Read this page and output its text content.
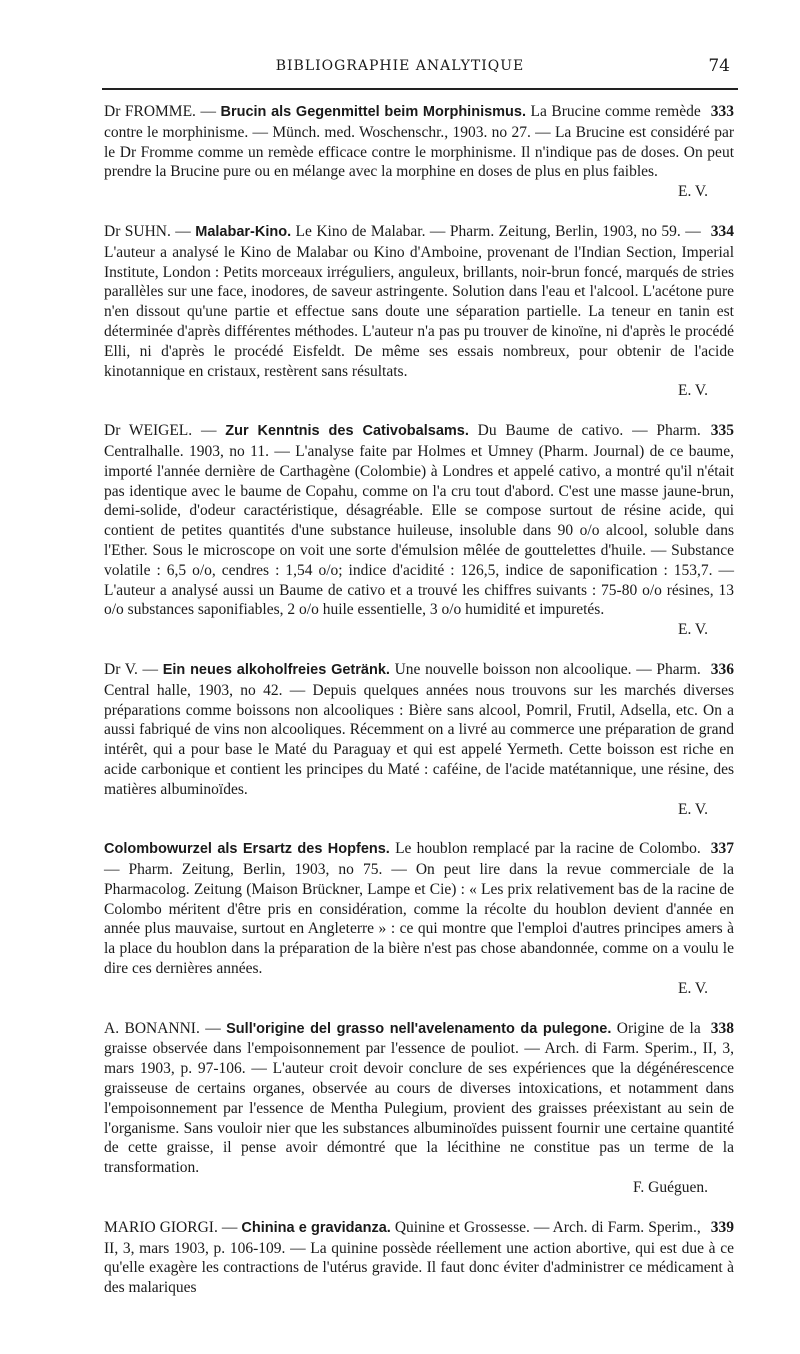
BIBLIOGRAPHIE ANALYTIQUE	74

333
Dr FROMME. — Brucin als Gegenmittel beim Morphinismus. La Brucine comme remède contre le morphinisme. — Münch. med. Woschenschr., 1903. no 27. — La Brucine est considéré par le Dr Fromme comme un remède efficace contre le morphinisme. Il n'indique pas de doses. On peut prendre la Brucine pure ou en mélange avec la morphine en doses de plus en plus faibles.

E. V.

334
Dr SUHN. — Malabar-Kino. Le Kino de Malabar. — Pharm. Zeitung, Berlin, 1903, no 59. — L'auteur a analysé le Kino de Malabar ou Kino d'Amboine, provenant de l'Indian Section, Imperial Institute, London : Petits morceaux irréguliers, anguleux, brillants, noir-brun foncé, marqués de stries parallèles sur une face, inodores, de saveur astringente. Solution dans l'eau et l'alcool. L'acétone pure n'en dissout qu'une partie et effectue sans doute une séparation partielle. La teneur en tanin est déterminée d'après différentes méthodes. L'auteur n'a pas pu trouver de kinoïne, ni d'après le procédé Elli, ni d'après le procédé Eisfeldt. De même ses essais nombreux, pour obtenir de l'acide kinotannique en cristaux, restèrent sans résultats.

E. V.

335
Dr WEIGEL. — Zur Kenntnis des Cativobalsams. Du Baume de cativo. — Pharm. Centralhalle. 1903, no 11. — L'analyse faite par Holmes et Umney (Pharm. Journal) de ce baume, importé l'année dernière de Carthagène (Colombie) à Londres et appelé cativo, a montré qu'il n'était pas identique avec le baume de Copahu, comme on l'a cru tout d'abord. C'est une masse jaune-brun, demi-solide, d'odeur caractéristique, désagréable. Elle se compose surtout de résine acide, qui contient de petites quantités d'une substance huileuse, insoluble dans 90 o/o alcool, soluble dans l'Ether. Sous le microscope on voit une sorte d'émulsion mêlée de gouttelettes d'huile. — Substance volatile : 6,5 o/o, cendres : 1,54 o/o; indice d'acidité : 126,5, indice de saponification : 153,7. — L'auteur a analysé aussi un Baume de cativo et a trouvé les chiffres suivants : 75-80 o/o résines, 13 o/o substances saponifiables, 2 o/o huile essentielle, 3 o/o humidité et impuretés.

E. V.

336
Dr V. — Ein neues alkoholfreies Getränk. Une nouvelle boisson non alcoolique. — Pharm. Central halle, 1903, no 42. — Depuis quelques années nous trouvons sur les marchés diverses préparations comme boissons non alcooliques : Bière sans alcool, Pomril, Frutil, Adsella, etc. On a aussi fabriqué de vins non alcooliques. Récemment on a livré au commerce une préparation de grand intérêt, qui a pour base le Maté du Paraguay et qui est appelé Yermeth. Cette boisson est riche en acide carbonique et contient les principes du Maté : caféine, de l'acide matétannique, une résine, des matières albuminoïdes.

E. V.

337
Colombowurzel als Ersartz des Hopfens. Le houblon remplacé par la racine de Colombo. — Pharm. Zeitung, Berlin, 1903, no 75. — On peut lire dans la revue commerciale de la Pharmacolog. Zeitung (Maison Brückner, Lampe et Cie) : « Les prix relativement bas de la racine de Colombo méritent d'être pris en considération, comme la récolte du houblon devient d'année en année plus mauvaise, surtout en Angleterre » : ce qui montre que l'emploi d'autres principes amers à la place du houblon dans la préparation de la bière n'est pas chose abandonnée, comme on a voulu le dire ces dernières années.

E. V.

338
A. BONANNI. — Sull'origine del grasso nell'avelenamento da pulegone. Origine de la graisse observée dans l'empoisonnement par l'essence de pouliot. — Arch. di Farm. Sperim., II, 3, mars 1903, p. 97-106. — L'auteur croit devoir conclure de ses expériences que la dégénérescence graisseuse de certains organes, observée au cours de diverses intoxications, et notamment dans l'empoisonnement par l'essence de Mentha Pulegium, provient des graisses préexistant au sein de l'organisme. Sans vouloir nier que les substances albuminoïdes puissent fournir une certaine quantité de cette graisse, il pense avoir démontré que la lécithine ne constitue pas un terme de la transformation.

F. Guéguen.

339
MARIO GIORGI. — Chinina e gravidanza. Quinine et Grossesse. — Arch. di Farm. Sperim., II, 3, mars 1903, p. 106-109. — La quinine possède réellement une action abortive, qui est due à ce qu'elle exagère les contractions de l'utérus gravide. Il faut donc éviter d'administrer ce médicament à des malariques
